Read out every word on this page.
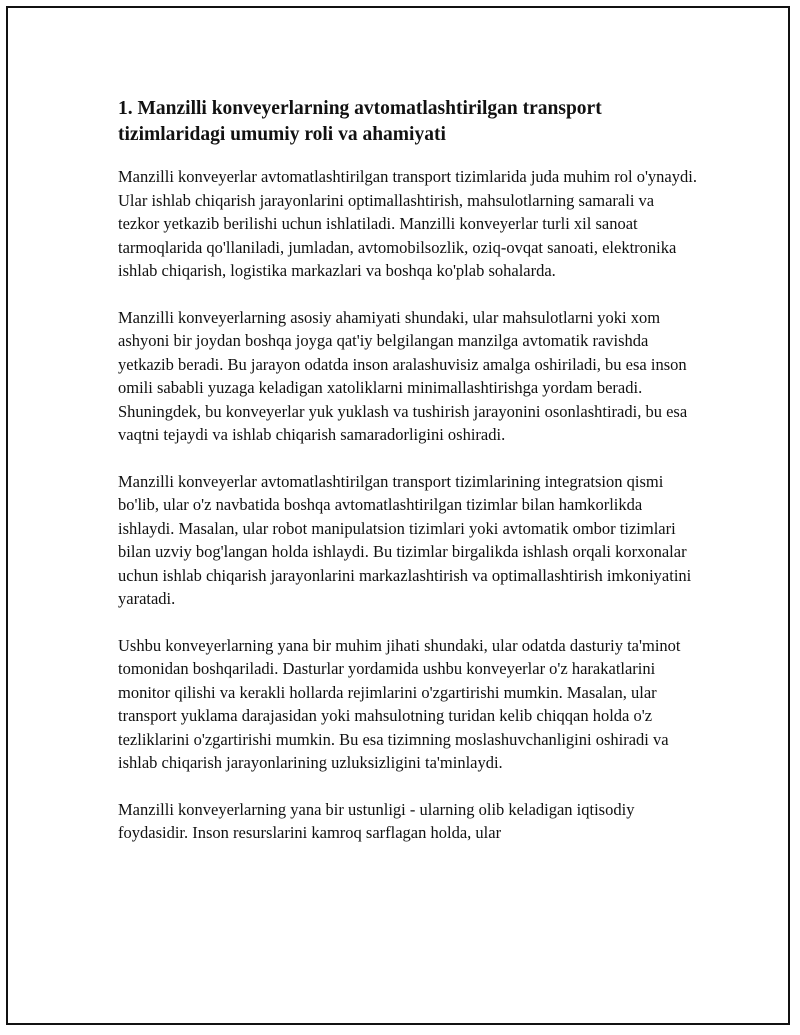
1. Manzilli konveyerlarning avtomatlashtirilgan transport tizimlaridagi umumiy roli va ahamiyati

Manzilli konveyerlar avtomatlashtirilgan transport tizimlarida juda muhim rol o'ynaydi. Ular ishlab chiqarish jarayonlarini optimallashtirish, mahsulotlarning samarali va tezkor yetkazib berilishi uchun ishlatiladi. Manzilli konveyerlar turli xil sanoat tarmoqlarida qo'llaniladi, jumladan, avtomobilsozlik, oziq-ovqat sanoati, elektronika ishlab chiqarish, logistika markazlari va boshqa ko'plab sohalarda.

Manzilli konveyerlarning asosiy ahamiyati shundaki, ular mahsulotlarni yoki xom ashyoni bir joydan boshqa joyga qat'iy belgilangan manzilga avtomatik ravishda yetkazib beradi. Bu jarayon odatda inson aralashuvisiz amalga oshiriladi, bu esa inson omili sababli yuzaga keladigan xatoliklarni minimallashtirishga yordam beradi. Shuningdek, bu konveyerlar yuk yuklash va tushirish jarayonini osonlashtiradi, bu esa vaqtni tejaydi va ishlab chiqarish samaradorligini oshiradi.

Manzilli konveyerlar avtomatlashtirilgan transport tizimlarining integratsion qismi bo'lib, ular o'z navbatida boshqa avtomatlashtirilgan tizimlar bilan hamkorlikda ishlaydi. Masalan, ular robot manipulatsion tizimlari yoki avtomatik ombor tizimlari bilan uzviy bog'langan holda ishlaydi. Bu tizimlar birgalikda ishlash orqali korxonalar uchun ishlab chiqarish jarayonlarini markazlashtirish va optimallashtirish imkoniyatini yaratadi.

Ushbu konveyerlarning yana bir muhim jihati shundaki, ular odatda dasturiy ta'minot tomonidan boshqariladi. Dasturlar yordamida ushbu konveyerlar o'z harakatlarini monitor qilishi va kerakli hollarda rejimlarini o'zgartirishi mumkin. Masalan, ular transport yuklama darajasidan yoki mahsulotning turidan kelib chiqqan holda o'z tezliklarini o'zgartirishi mumkin. Bu esa tizimning moslashuvchanligini oshiradi va ishlab chiqarish jarayonlarining uzluksizligini ta'minlaydi.

Manzilli konveyerlarning yana bir ustunligi - ularning olib keladigan iqtisodiy foydasidir. Inson resurslarini kamroq sarflagan holda, ular
